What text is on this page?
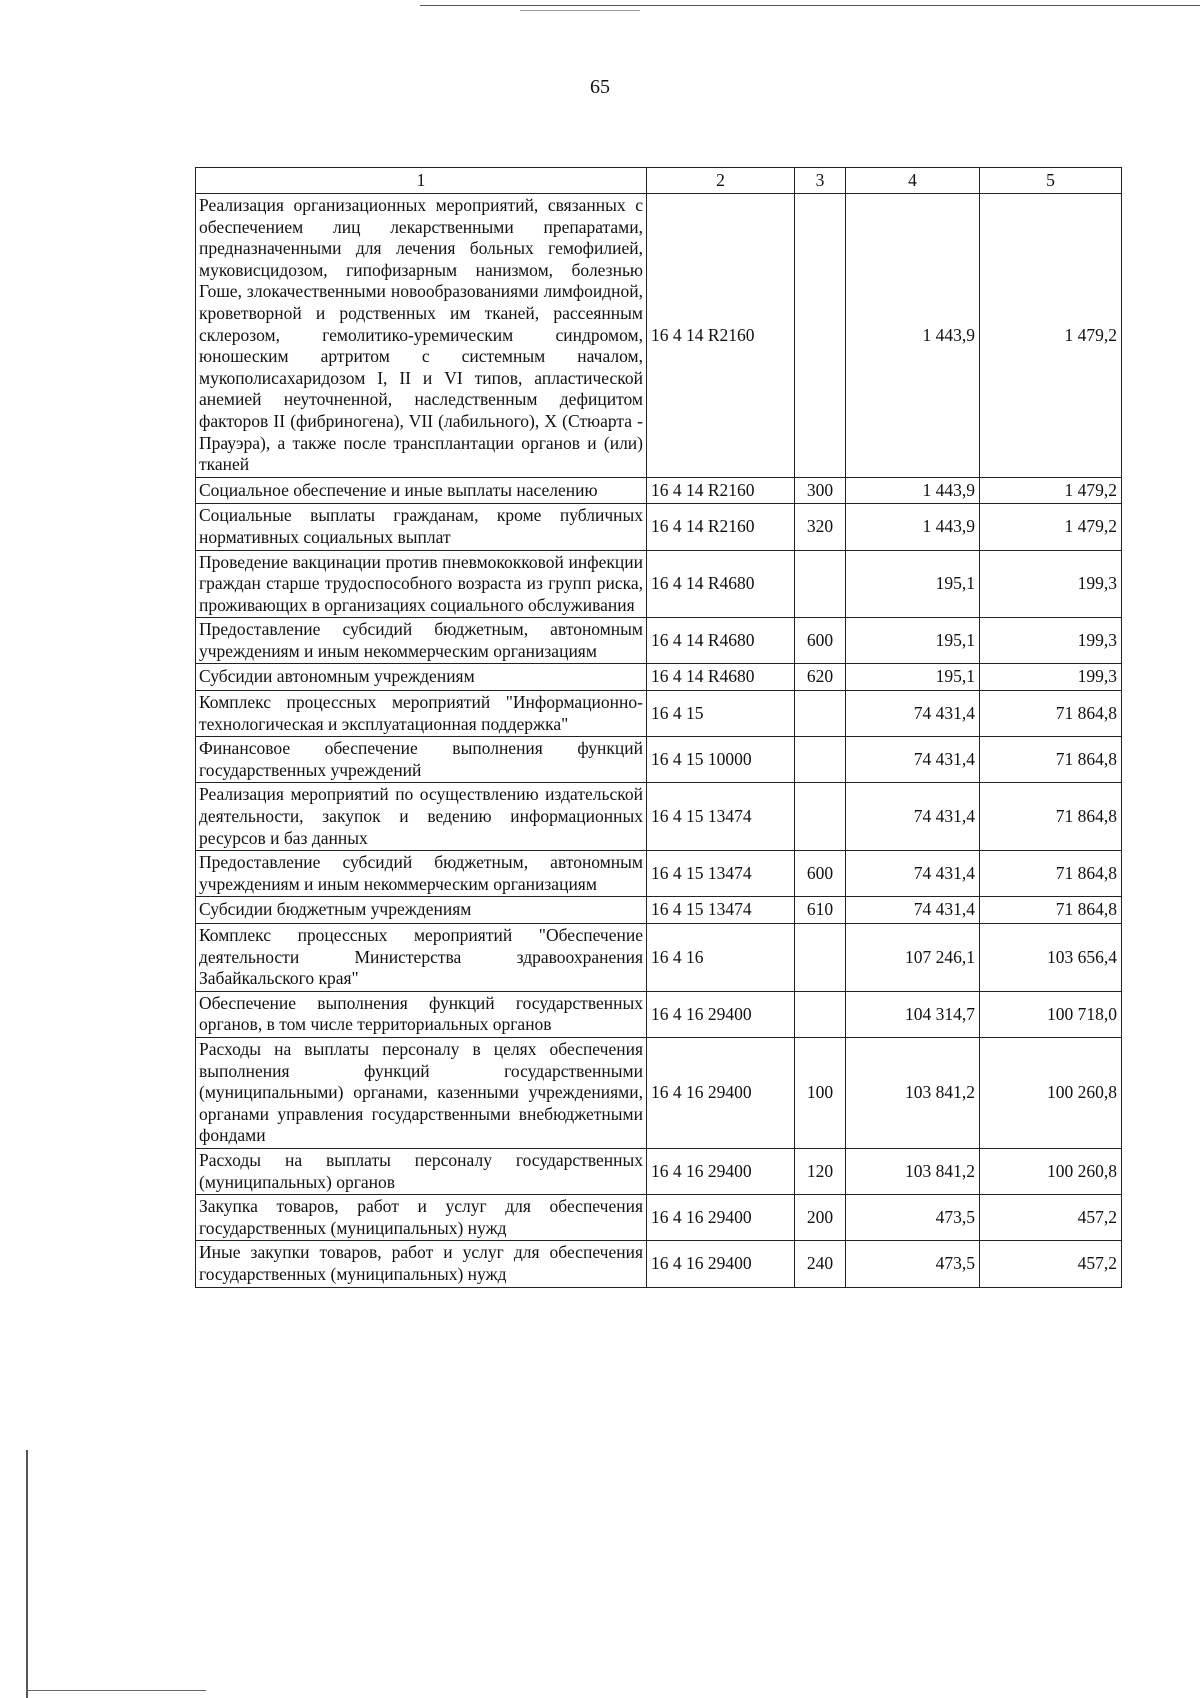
65
1	2	3	4	5
Реализация организационных мероприятий, связанных с обеспечением лиц лекарственными препаратами, предназначенными для лечения больных гемофилией, муковисцидозом, гипофизарным нанизмом, болезнью Гоше, злокачественными новообразованиями лимфоидной, кроветворной и родственных им тканей, рассеянным склерозом, гемолитико-уремическим синдромом, юношеским артритом с системным началом, мукополисахаридозом I, II и VI типов, апластической анемией неуточненной, наследственным дефицитом факторов II (фибриногена), VII (лабильного), X (Стюарта - Прауэра), а также после трансплантации органов и (или) тканей	16 4 14 R2160		1 443,9	1 479,2
Социальное обеспечение и иные выплаты населению	16 4 14 R2160	300	1 443,9	1 479,2
Социальные выплаты гражданам, кроме публичных нормативных социальных выплат	16 4 14 R2160	320	1 443,9	1 479,2
Проведение вакцинации против пневмококковой инфекции граждан старше трудоспособного возраста из групп риска, проживающих в организациях социального обслуживания	16 4 14 R4680		195,1	199,3
Предоставление субсидий бюджетным, автономным учреждениям и иным некоммерческим организациям	16 4 14 R4680	600	195,1	199,3
Субсидии автономным учреждениям	16 4 14 R4680	620	195,1	199,3
Комплекс процессных мероприятий "Информационно-технологическая и эксплуатационная поддержка"	16 4 15		74 431,4	71 864,8
Финансовое обеспечение выполнения функций государственных учреждений	16 4 15 10000		74 431,4	71 864,8
Реализация мероприятий по осуществлению издательской деятельности, закупок и ведению информационных ресурсов и баз данных	16 4 15 13474		74 431,4	71 864,8
Предоставление субсидий бюджетным, автономным учреждениям и иным некоммерческим организациям	16 4 15 13474	600	74 431,4	71 864,8
Субсидии бюджетным учреждениям	16 4 15 13474	610	74 431,4	71 864,8
Комплекс процессных мероприятий "Обеспечение деятельности Министерства здравоохранения Забайкальского края"	16 4 16		107 246,1	103 656,4
Обеспечение выполнения функций государственных органов, в том числе территориальных органов	16 4 16 29400		104 314,7	100 718,0
Расходы на выплаты персоналу в целях обеспечения выполнения функций государственными (муниципальными) органами, казенными учреждениями, органами управления государственными внебюджетными фондами	16 4 16 29400	100	103 841,2	100 260,8
Расходы на выплаты персоналу государственных (муниципальных) органов	16 4 16 29400	120	103 841,2	100 260,8
Закупка товаров, работ и услуг для обеспечения государственных (муниципальных) нужд	16 4 16 29400	200	473,5	457,2
Иные закупки товаров, работ и услуг для обеспечения государственных (муниципальных) нужд	16 4 16 29400	240	473,5	457,2
